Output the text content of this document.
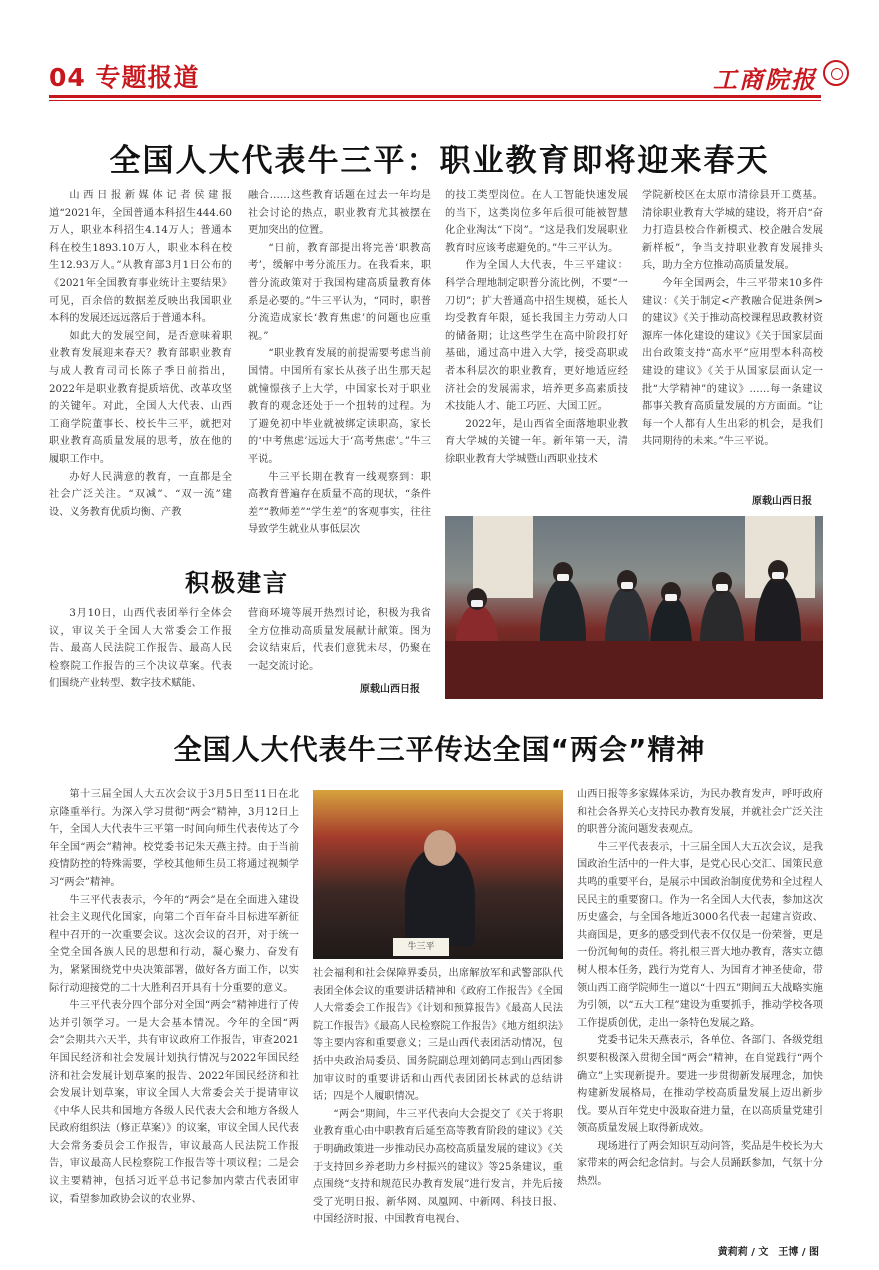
04 专题报道	工商院报
全国人大代表牛三平：职业教育即将迎来春天

山西日报新媒体记者侯建报道“2021年，全国普通本科招生444.60万人，职业本科招生4.14万人；普通本科在校生1893.10万人，职业本科在校生12.93万人。”从教育部3月1日公布的《2021年全国教育事业统计主要结果》可见，百余倍的数据差反映出我国职业本科的发展还远远落后于普通本科。

如此大的发展空间，是否意味着职业教育发展迎来春天？教育部职业教育与成人教育司司长陈子季日前指出，2022年是职业教育提质培优、改革攻坚的关键年。对此，全国人大代表、山西工商学院董事长、校长牛三平，就把对职业教育高质量发展的思考，放在他的履职工作中。

办好人民满意的教育，一直都是全社会广泛关注。“双减”、“双一流”建设、义务教育优质均衡、产教

融合……这些教育话题在过去一年均是社会讨论的热点，职业教育尤其被摆在更加突出的位置。

“日前，教育部提出将完善‘职教高考’，缓解中考分流压力。在我看来，职普分流政策对于我国构建高质量教育体系是必要的。”牛三平认为，“同时，职普分流造成家长‘教育焦虑’的问题也应重视。”

“职业教育发展的前提需要考虑当前国情。中国所有家长从孩子出生那天起就憧憬孩子上大学，中国家长对于职业教育的观念还处于一个扭转的过程。为了避免初中毕业就被绑定读职高，家长的‘中考焦虑’远远大于‘高考焦虑’。”牛三平说。

牛三平长期在教育一线观察到：职高教育普遍存在质量不高的现状，“条件差”“教师差”“学生差”的客观事实，往往导致学生就业从事低层次

的技工类型岗位。在人工智能快速发展的当下，这类岗位多年后很可能被智慧化企业淘汰“下岗”。“这是我们发展职业教育时应该考虑避免的。”牛三平认为。

作为全国人大代表，牛三平建议：科学合理地制定职普分流比例，不要“一刀切”；扩大普通高中招生规模，延长人均受教育年限，延长我国主力劳动人口的储备期；让这些学生在高中阶段打好基础，通过高中进入大学，接受高职或者本科层次的职业教育，更好地适应经济社会的发展需求，培养更多高素质技术技能人才、能工巧匠、大国工匠。

2022年，是山西省全面落地职业教育大学城的关键一年。新年第一天，清徐职业教育大学城暨山西职业技术

学院新校区在太原市清徐县开工奠基。清徐职业教育大学城的建设，将开启“奋力打造县校合作新模式、校企融合发展新样板”，争当支持职业教育发展排头兵，助力全方位推动高质量发展。

今年全国两会，牛三平带来10多件建议：《关于制定<产教融合促进条例>的建议》《关于推动高校课程思政教材资源库一体化建设的建议》《关于国家层面出台政策支持“高水平”应用型本科高校建设的建议》《关于从国家层面认定一批“大学精神”的建议》……每一条建议都事关教育高质量发展的方方面面。“让每一个人都有人生出彩的机会，是我们共同期待的未来。”牛三平说。

原载山西日报
积极建言

3月10日，山西代表团举行全体会议，审议关于全国人大常委会工作报告、最高人民法院工作报告、最高人民检察院工作报告的三个决议草案。代表们围绕产业转型、数字技术赋能、

营商环境等展开热烈讨论，积极为我省全方位推动高质量发展献计献策。图为会议结束后，代表们意犹未尽，仍聚在一起交流讨论。

原载山西日报
全国人大代表牛三平传达全国“两会”精神

第十三届全国人大五次会议于3月5日至11日在北京隆重举行。为深入学习贯彻“两会”精神，3月12日上午，全国人大代表牛三平第一时间向师生代表传达了今年全国“两会”精神。校党委书记朱天燕主持。由于当前疫情防控的特殊需要，学校其他师生员工将通过视频学习“两会”精神。

牛三平代表表示，今年的“两会”是在全面进入建设社会主义现代化国家，向第二个百年奋斗目标进军新征程中召开的一次重要会议。这次会议的召开，对于统一全党全国各族人民的思想和行动，凝心聚力、奋发有为，紧紧围绕党中央决策部署，做好各方面工作，以实际行动迎接党的二十大胜利召开具有十分重要的意义。

牛三平代表分四个部分对全国“两会”精神进行了传达并引领学习。一是大会基本情况。今年的全国“两会”会期共六天半，共有审议政府工作报告，审查2021年国民经济和社会发展计划执行情况与2022年国民经济和社会发展计划草案的报告、2022年国民经济和社会发展计划草案，审议全国人大常委会关于提请审议《中华人民共和国地方各级人民代表大会和地方各级人民政府组织法（修正草案）》的议案，审议全国人民代表大会常务委员会工作报告，审议最高人民法院工作报告，审议最高人民检察院工作报告等十项议程；二是会议主要精神，包括习近平总书记参加内蒙古代表团审议，看望参加政协会议的农业界、

牛三平

社会福利和社会保障界委员，出席解放军和武警部队代表团全体会议的重要讲话精神和《政府工作报告》《全国人大常委会工作报告》《计划和预算报告》《最高人民法院工作报告》《最高人民检察院工作报告》《地方组织法》等主要内容和重要意义；三是山西代表团活动情况，包括中央政治局委员、国务院副总理刘鹤同志到山西团参加审议时的重要讲话和山西代表团团长林武的总结讲话；四是个人履职情况。

“两会”期间，牛三平代表向大会提交了《关于将职业教育重心由中职教育后延至高等教育阶段的建议》《关于明确政策进一步推动民办高校高质量发展的建议》《关于支持回乡养老助力乡村振兴的建议》等25条建议，重点围绕“支持和规范民办教育发展”进行发言，并先后接受了光明日报、新华网、凤凰网、中新网、科技日报、中国经济时报、中国教育电视台、

山西日报等多家媒体采访，为民办教育发声，呼吁政府和社会各界关心支持民办教育发展，并就社会广泛关注的职普分流问题发表观点。

牛三平代表表示，十三届全国人大五次会议，是我国政治生活中的一件大事，是党心民心交汇、国策民意共鸣的重要平台，是展示中国政治制度优势和全过程人民民主的重要窗口。作为一名全国人大代表，参加这次历史盛会，与全国各地近3000名代表一起建言资政、共商国是，更多的感受到代表不仅仅是一份荣誉，更是一份沉甸甸的责任。将扎根三晋大地办教育，落实立德树人根本任务，践行为党育人、为国育才神圣使命，带领山西工商学院师生一道以“十四五”期间五大战略实施为引领，以“五大工程”建设为重要抓手，推动学校各项工作提质创优，走出一条特色发展之路。

党委书记朱天燕表示，各单位、各部门、各级党组织要积极深入贯彻全国“两会”精神，在自觉践行“两个确立”上实现新提升。要进一步贯彻新发展理念，加快构建新发展格局，在推动学校高质量发展上迈出新步伐。要从百年党史中汲取奋进力量，在以高质量党建引领高质量发展上取得新成效。

现场进行了两会知识互动问答，奖品是牛校长为大家带来的两会纪念信封。与会人员踊跃参加，气氛十分热烈。

黄莉莉 / 文　王博 / 图
